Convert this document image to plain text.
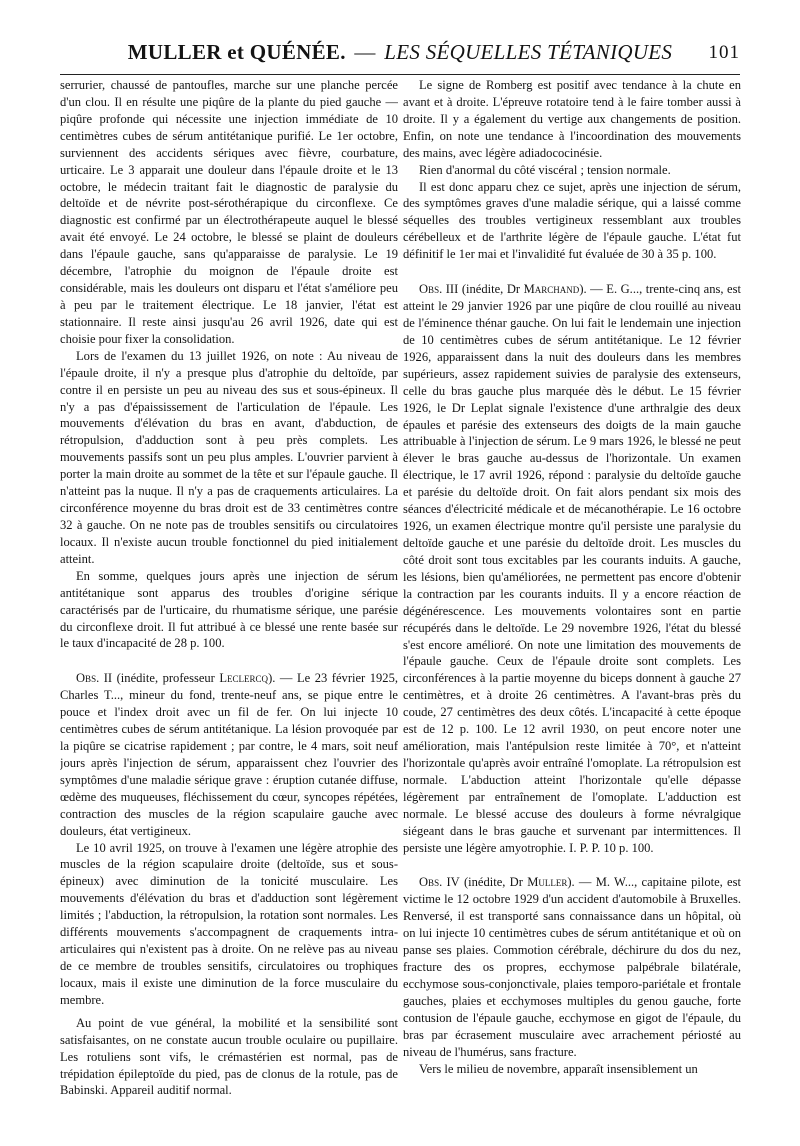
MULLER et QUÉNÉE. — LES SÉQUELLES TÉTANIQUES	101

serrurier, chaussé de pantoufles, marche sur une planche percée d'un clou. Il en résulte une piqûre de la plante du pied gauche — piqûre profonde qui nécessite une injection immédiate de 10 centimètres cubes de sérum antitétanique purifié. Le 1er octobre, surviennent des accidents sériques avec fièvre, courbature, urticaire. Le 3 apparait une douleur dans l'épaule droite et le 13 octobre, le médecin traitant fait le diagnostic de paralysie du deltoïde et de névrite post-sérothérapique du circonflexe. Ce diagnostic est confirmé par un électrothérapeute auquel le blessé avait été envoyé. Le 24 octobre, le blessé se plaint de douleurs dans l'épaule gauche, sans qu'apparaisse de paralysie. Le 19 décembre, l'atrophie du moignon de l'épaule droite est considérable, mais les douleurs ont disparu et l'état s'améliore peu à peu par le traitement électrique. Le 18 janvier, l'état est stationnaire. Il reste ainsi jusqu'au 26 avril 1926, date qui est choisie pour fixer la consolidation.

Lors de l'examen du 13 juillet 1926, on note : Au niveau de l'épaule droite, il n'y a presque plus d'atrophie du deltoïde, par contre il en persiste un peu au niveau des sus et sous-épineux. Il n'y a pas d'épaississement de l'articulation de l'épaule. Les mouvements d'élévation du bras en avant, d'abduction, de rétropulsion, d'adduction sont à peu près complets. Les mouvements passifs sont un peu plus amples. L'ouvrier parvient à porter la main droite au sommet de la tête et sur l'épaule gauche. Il n'atteint pas la nuque. Il n'y a pas de craquements articulaires. La circonférence moyenne du bras droit est de 33 centimètres contre 32 à gauche. On ne note pas de troubles sensitifs ou circulatoires locaux. Il n'existe aucun trouble fonctionnel du pied initialement atteint.

En somme, quelques jours après une injection de sérum antitétanique sont apparus des troubles d'origine sérique caractérisés par de l'urticaire, du rhumatisme sérique, une parésie du circonflexe droit. Il fut attribué à ce blessé une rente basée sur le taux d'incapacité de 28 p. 100.

Obs. II (inédite, professeur Leclercq). — Le 23 février 1925, Charles T..., mineur du fond, trente-neuf ans, se pique entre le pouce et l'index droit avec un fil de fer. On lui injecte 10 centimètres cubes de sérum antitétanique. La lésion provoquée par la piqûre se cicatrise rapidement ; par contre, le 4 mars, soit neuf jours après l'injection de sérum, apparaissent chez l'ouvrier des symptômes d'une maladie sérique grave : éruption cutanée diffuse, œdème des muqueuses, fléchissement du cœur, syncopes répétées, contraction des muscles de la région scapulaire gauche avec douleurs, état vertigineux.

Le 10 avril 1925, on trouve à l'examen une légère atrophie des muscles de la région scapulaire droite (deltoïde, sus et sous-épineux) avec diminution de la tonicité musculaire. Les mouvements d'élévation du bras et d'adduction sont légèrement limités ; l'abduction, la rétropulsion, la rotation sont normales. Les différents mouvements s'accompagnent de craquements intra-articulaires qui n'existent pas à droite. On ne relève pas au niveau de ce membre de troubles sensitifs, circulatoires ou trophiques locaux, mais il existe une diminution de la force musculaire du membre.

Au point de vue général, la mobilité et la sensibilité sont satisfaisantes, on ne constate aucun trouble oculaire ou pupillaire. Les rotuliens sont vifs, le crémastérien est normal, pas de trépidation épileptoïde du pied, pas de clonus de la rotule, pas de Babinski. Appareil auditif normal.

Le signe de Romberg est positif avec tendance à la chute en avant et à droite. L'épreuve rotatoire tend à le faire tomber aussi à droite. Il y a également du vertige aux changements de position. Enfin, on note une tendance à l'incoordination des mouvements des mains, avec légère adiadococinésie.

Rien d'anormal du côté viscéral ; tension normale.

Il est donc apparu chez ce sujet, après une injection de sérum, des symptômes graves d'une maladie sérique, qui a laissé comme séquelles des troubles vertigineux ressemblant aux troubles cérébelleux et de l'arthrite légère de l'épaule gauche. L'état fut définitif le 1er mai et l'invalidité fut évaluée de 30 à 35 p. 100.

Obs. III (inédite, Dr Marchand). — E. G..., trente-cinq ans, est atteint le 29 janvier 1926 par une piqûre de clou rouillé au niveau de l'éminence thénar gauche. On lui fait le lendemain une injection de 10 centimètres cubes de sérum antitétanique. Le 12 février 1926, apparaissent dans la nuit des douleurs dans les membres supérieurs, assez rapidement suivies de paralysie des extenseurs, celle du bras gauche plus marquée dès le début. Le 15 février 1926, le Dr Leplat signale l'existence d'une arthralgie des deux épaules et parésie des extenseurs des doigts de la main gauche attribuable à l'injection de sérum. Le 9 mars 1926, le blessé ne peut élever le bras gauche au-dessus de l'horizontale. Un examen électrique, le 17 avril 1926, répond : paralysie du deltoïde gauche et parésie du deltoïde droit. On fait alors pendant six mois des séances d'électricité médicale et de mécanothérapie. Le 16 octobre 1926, un examen électrique montre qu'il persiste une paralysie du deltoïde gauche et une parésie du deltoïde droit. Les muscles du côté droit sont tous excitables par les courants induits. A gauche, les lésions, bien qu'améliorées, ne permettent pas encore d'obtenir la contraction par les courants induits. Il y a encore réaction de dégénérescence. Les mouvements volontaires sont en partie récupérés dans le deltoïde. Le 29 novembre 1926, l'état du blessé s'est encore amélioré. On note une limitation des mouvements de l'épaule gauche. Ceux de l'épaule droite sont complets. Les circonférences à la partie moyenne du biceps donnent à gauche 27 centimètres, et à droite 26 centimètres. A l'avant-bras près du coude, 27 centimètres des deux côtés. L'incapacité à cette époque est de 12 p. 100. Le 12 avril 1930, on peut encore noter une amélioration, mais l'antépulsion reste limitée à 70°, et n'atteint l'horizontale qu'après avoir entraîné l'omoplate. La rétropulsion est normale. L'abduction atteint l'horizontale qu'elle dépasse légèrement par entraînement de l'omoplate. L'adduction est normale. Le blessé accuse des douleurs à forme névralgique siégeant dans le bras gauche et survenant par intermittences. Il persiste une légère amyotrophie. I. P. P. 10 p. 100.

Obs. IV (inédite, Dr Muller). — M. W..., capitaine pilote, est victime le 12 octobre 1929 d'un accident d'automobile à Bruxelles. Renversé, il est transporté sans connaissance dans un hôpital, où on lui injecte 10 centimètres cubes de sérum antitétanique et où on panse ses plaies. Commotion cérébrale, déchirure du dos du nez, fracture des os propres, ecchymose palpébrale bilatérale, ecchymose sous-conjonctivale, plaies temporo-pariétale et frontale gauches, plaies et ecchymoses multiples du genou gauche, forte contusion de l'épaule gauche, ecchymose en gigot de l'épaule, du bras par écrasement musculaire avec arrachement périosté au niveau de l'humérus, sans fracture.

Vers le milieu de novembre, apparaît insensiblement un
